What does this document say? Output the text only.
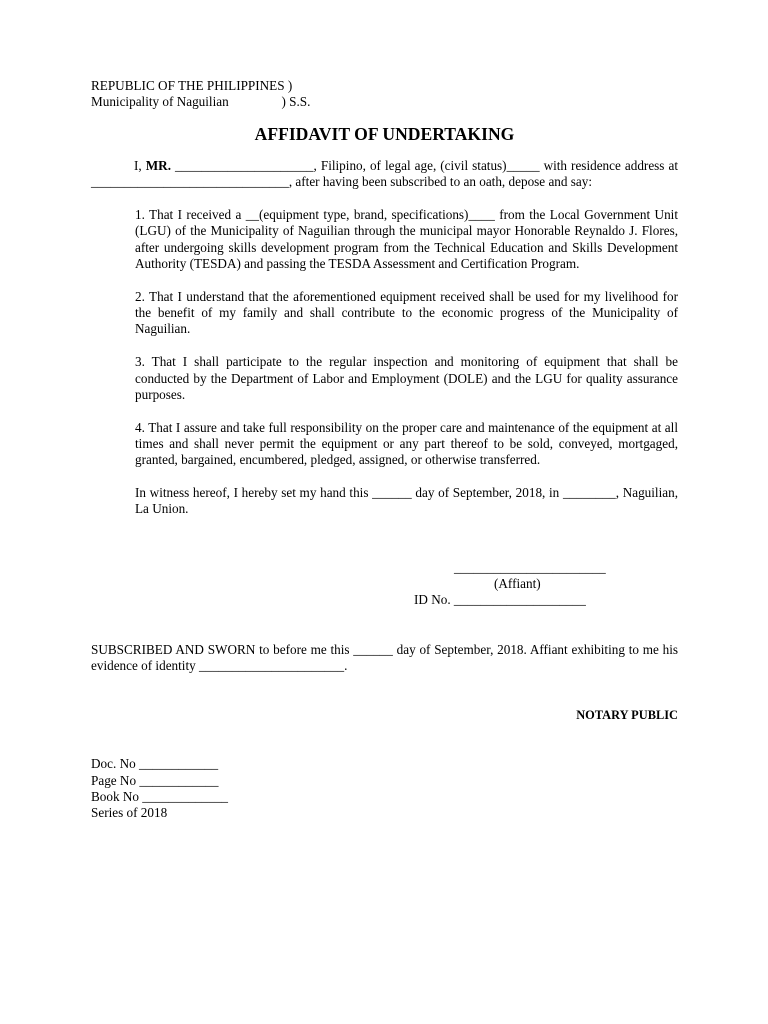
REPUBLIC OF THE PHILIPPINES )
Municipality of Naguilian                ) S.S.
AFFIDAVIT OF UNDERTAKING

I, MR. _____________________, Filipino, of legal age, (civil status)_____ with residence address at ______________________________, after having been subscribed to an oath, depose and say:

1. That I received a __(equipment type, brand, specifications)____ from the Local Government Unit (LGU) of the Municipality of Naguilian through the municipal mayor Honorable Reynaldo J. Flores, after undergoing skills development program from the Technical Education and Skills Development Authority (TESDA) and passing the TESDA Assessment and Certification Program.

2. That I understand that the aforementioned equipment received shall be used for my livelihood for the benefit of my family and shall contribute to the economic progress of the Municipality of Naguilian.

3. That I shall participate to the regular inspection and monitoring of equipment that shall be conducted by the Department of Labor and Employment (DOLE) and the LGU for quality assurance purposes.

4. That I assure and take full responsibility on the proper care and maintenance of the equipment at all times and shall never permit the equipment or any part thereof to be sold, conveyed, mortgaged, granted, bargained, encumbered, pledged, assigned, or otherwise transferred.

In witness hereof, I hereby set my hand this ______ day of September, 2018, in ________, Naguilian, La Union.

_______________________
(Affiant)
ID No. ____________________

SUBSCRIBED AND SWORN to before me this ______ day of September, 2018. Affiant exhibiting to me his evidence of identity ______________________.

NOTARY PUBLIC
Doc. No ____________
Page No ____________
Book No _____________
Series of 2018
